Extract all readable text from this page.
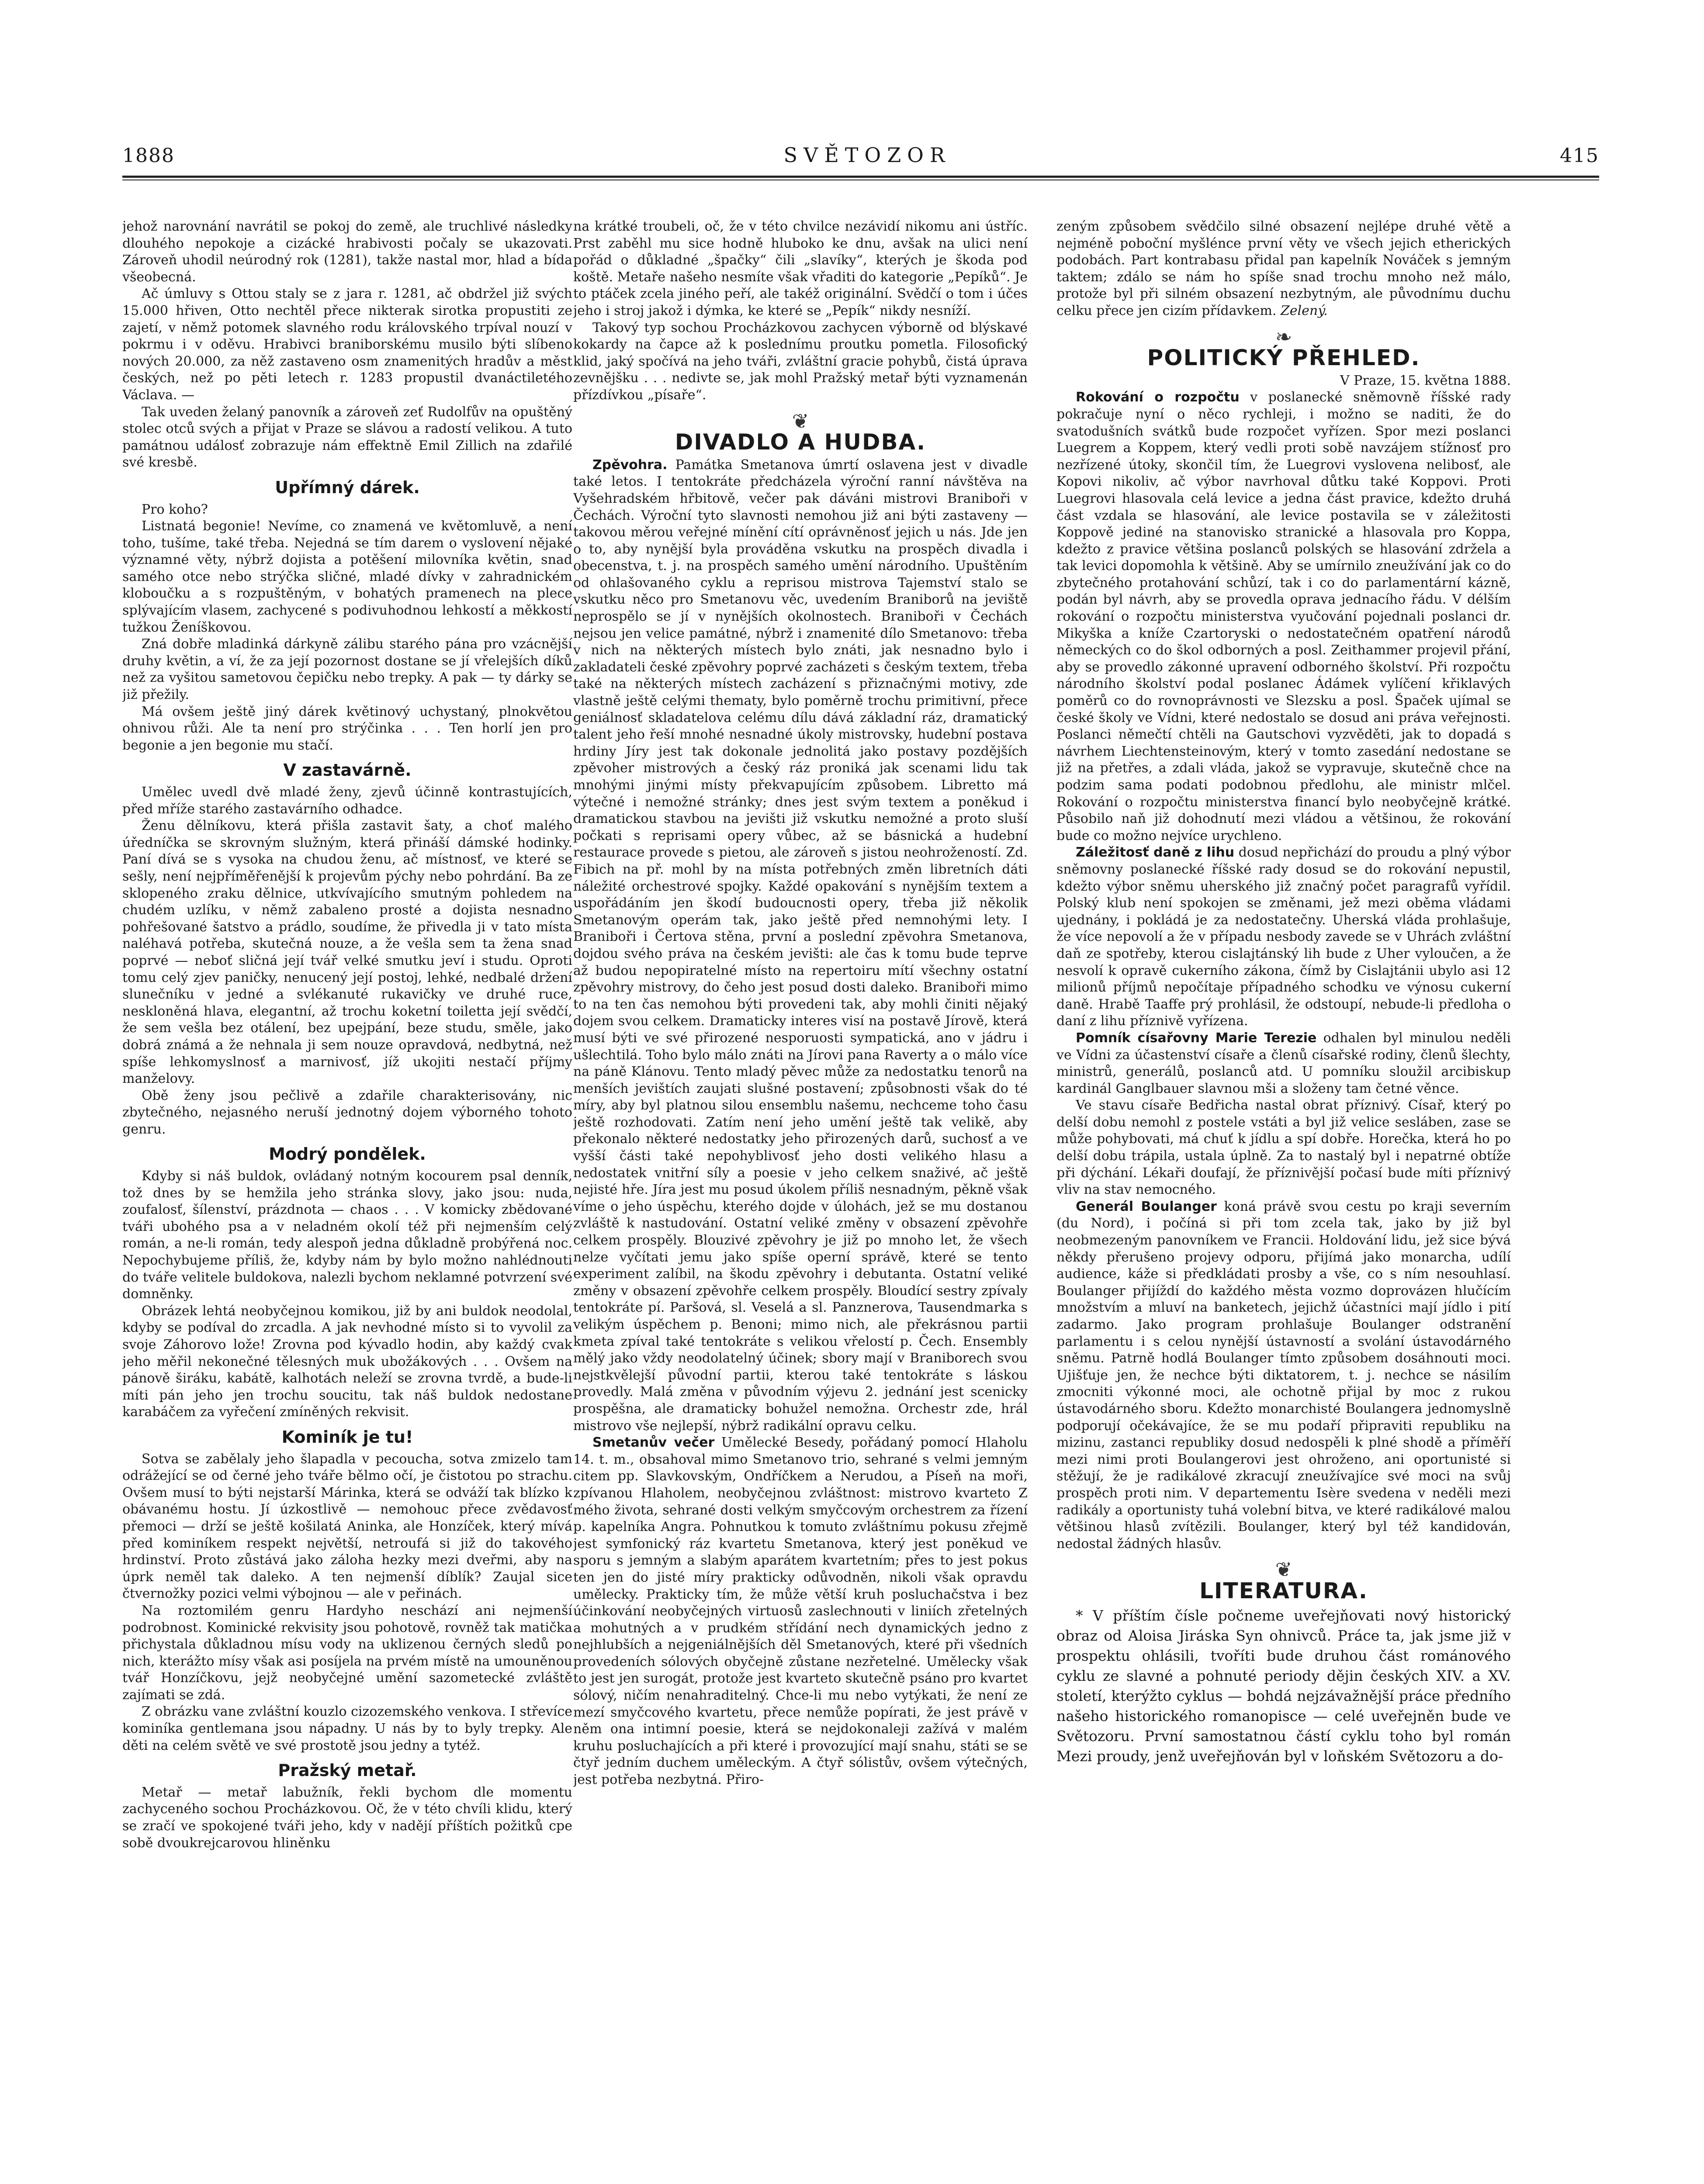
1888	SVĚTOZOR	415

jehož narovnání navrátil se pokoj do země, ale truchlivé následky dlouhého nepokoje a cizácké hrabivosti počaly se ukazovati. Zároveň uhodil neúrodný rok (1281), takže nastal mor, hlad a bída všeobecná.

Ač úmluvy s Ottou staly se z jara r. 1281, ač obdržel již svých 15.000 hřiven, Otto nechtěl přece nikterak sirotka propustiti ze zajetí, v němž potomek slavného rodu královského trpíval nouzí v pokrmu i v oděvu. Hrabivci braniborskému musilo býti slíbeno nových 20.000, za něž zastaveno osm znamenitých hradův a měst českých, než po pěti letech r. 1283 propustil dvanáctiletého Václava. —

Tak uveden želaný panovník a zároveň zeť Rudolfův na opuštěný stolec otců svých a přijat v Praze se slávou a radostí velikou. A tuto památnou událosť zobrazuje nám effektně Emil Zillich na zdařilé své kresbě.

Upřímný dárek.

Pro koho?

Listnatá begonie! Nevíme, co znamená ve květomluvě, a není toho, tušíme, také třeba. Nejedná se tím darem o vyslovení nějaké významné věty, nýbrž dojista a potěšení milovníka květin, snad samého otce nebo strýčka sličné, mladé dívky v zahradnickém kloboučku a s rozpuštěným, v bohatých pramenech na plece splývajícím vlasem, zachycené s podivuhodnou lehkostí a měkkostí tužkou Ženíškovou.

Zná dobře mladinká dárkyně zálibu starého pána pro vzácnější druhy květin, a ví, že za její pozornost dostane se jí vřelejších díků než za vyšitou sametovou čepičku nebo trepky. A pak — ty dárky se již přežily.

Má ovšem ještě jiný dárek květinový uchystaný, plnokvětou ohnivou růži. Ale ta není pro strýčinka . . . Ten horlí jen pro begonie a jen begonie mu stačí.

V zastavárně.

Umělec uvedl dvě mladé ženy, zjevů účinně kontrastujících, před mříže starého zastavárního odhadce.

Ženu dělníkovu, která přišla zastavit šaty, a choť malého úředníčka se skrovným služným, která přináší dámské hodinky. Paní dívá se s vysoka na chudou ženu, ač místnosť, ve které se sešly, není nejpříměřenější k projevům pýchy nebo pohrdání. Ba ze sklopeného zraku dělnice, utkvívajícího smutným pohledem na chudém uzlíku, v němž zabaleno prosté a dojista nesnadno pohřešované šatstvo a prádlo, soudíme, že přivedla ji v tato místa naléhavá potřeba, skutečná nouze, a že vešla sem ta žena snad poprvé — neboť sličná její tvář velké smutku jeví i studu. Oproti tomu celý zjev paničky, nenucený její postoj, lehké, nedbalé držení slunečníku v jedné a svlékanuté rukavičky ve druhé ruce, neskloněná hlava, elegantní, až trochu koketní toiletta její svědčí, že sem vešla bez otálení, bez upejpání, beze studu, směle, jako dobrá známá a že nehnala ji sem nouze opravdová, nedbytná, než spíše lehkomyslnosť a marnivosť, jíž ukojiti nestačí příjmy manželovy.

Obě ženy jsou pečlivě a zdařile charakterisovány, nic zbytečného, nejasného neruší jednotný dojem výborného tohoto genru.

Modrý pondělek.

Kdyby si náš buldok, ovládaný notným kocourem psal denník, tož dnes by se hemžila jeho stránka slovy, jako jsou: nuda, zoufalosť, šílenství, prázdnota — chaos . . . V komicky zbědované tváři ubohého psa a v neladném okolí též při nejmenším celý román, a ne-li román, tedy alespoň jedna důkladně probýřená noc. Nepochybujeme příliš, že, kdyby nám by bylo možno nahlédnouti do tváře velitele buldokova, nalezli bychom neklamné potvrzení své domněnky.

Obrázek lehtá neobyčejnou komikou, již by ani buldok neodolal, kdyby se podíval do zrcadla. A jak nevhodné místo si to vyvolil za svoje Záhorovo lože! Zrovna pod kývadlo hodin, aby každý cvak jeho měřil nekonečné tělesných muk ubožákových . . . Ovšem na pánově širáku, kabátě, kalhotách neleží se zrovna tvrdě, a bude-li míti pán jeho jen trochu soucitu, tak náš buldok nedostane karabáčem za vyřečení zmíněných rekvisit.

Kominík je tu!

Sotva se zabělaly jeho šlapadla v pecoucha, sotva zmizelo tam odrážející se od černé jeho tváře bělmo očí, je čistotou po strachu. Ovšem musí to býti nejstarší Márinka, která se odváží tak blízko k obávanému hostu. Jí úzkostlivě — nemohouc přece zvědavosť přemoci — drží se ještě košilatá Aninka, ale Honzíček, který mívá před kominíkem respekt největší, netroufá si již do takového hrdinství. Proto zůstává jako záloha hezky mezi dveřmi, aby na úprk neměl tak daleko. A ten nejmenší díblík? Zaujal sice čtvernožky pozici velmi výbojnou — ale v peřinách.

Na roztomilém genru Hardyho neschází ani nejmenší podrobnost. Kominické rekvisity jsou pohotově, rovněž tak matička přichystala důkladnou mísu vody na uklizenou černých sledů po nich, kterážto mísy však asi posíjela na prvém místě na umouněnou tvář Honzíčkovu, jejž neobyčejné umění sazometecké zvláště zajímati se zdá.

Z obrázku vane zvláštní kouzlo cizozemského venkova. I střevíce kominíka gentlemana jsou nápadny. U nás by to byly trepky. Ale děti na celém světě ve své prostotě jsou jedny a tytéž.

Pražský metař.

Metař — metař labužník, řekli bychom dle momentu zachyceného sochou Procházkovou. Oč, že v této chvíli klidu, který se zračí ve spokojené tváři jeho, kdy v nadějí příštích požitků cpe sobě dvoukrejcarovou hliněnku

na krátké troubeli, oč, že v této chvilce nezávidí nikomu ani ústříc. Prst zaběhl mu sice hodně hluboko ke dnu, avšak na ulici není pořád o důkladné „špačky“ čili „slavíky“, kterých je škoda pod koště. Metaře našeho nesmíte však vřaditi do kategorie „Pepíků“. Je to ptáček zcela jiného peří, ale takéž originální. Svědčí o tom i účes jeho i stroj jakož i dýmka, ke které se „Pepík“ nikdy nesníží.

Takový typ sochou Procházkovou zachycen výborně od blýskavé kokardy na čapce až k poslednímu proutku pometla. Filosofický klid, jaký spočívá na jeho tváři, zvláštní gracie pohybů, čistá úprava zevnějšku . . . nedivte se, jak mohl Pražský metař býti vyznamenán přízdívkou „písaře“.

❦
DIVADLO A HUDBA.

Zpěvohra. Památka Smetanova úmrtí oslavena jest v divadle také letos. I tentokráte předcházela výroční ranní návštěva na Vyšehradském hřbitově, večer pak dáváni mistrovi Braniboři v Čechách. Výroční tyto slavnosti nemohou již ani býti zastaveny — takovou měrou veřejné mínění cítí oprávněnosť jejich u nás. Jde jen o to, aby nynější byla prováděna vskutku na prospěch divadla i obecenstva, t. j. na prospěch samého umění národního. Upuštěním od ohlašovaného cyklu a reprisou mistrova Tajemství stalo se vskutku něco pro Smetanovu věc, uvedením Braniborů na jeviště neprospělo se jí v nynějších okolnostech. Braniboři v Čechách nejsou jen velice památné, nýbrž i znamenité dílo Smetanovo: třeba v nich na některých místech bylo znáti, jak nesnadno bylo i zakladateli české zpěvohry poprvé zacházeti s českým textem, třeba také na některých místech zacházení s přiznačnými motivy, zde vlastně ještě celými thematy, bylo poměrně trochu primitivní, přece geniálnosť skladatelova celému dílu dává základní ráz, dramatický talent jeho řeší mnohé nesnadné úkoly mistrovsky, hudební postava hrdiny Jíry jest tak dokonale jednolitá jako postavy pozdějších zpěvoher mistrových a český ráz proniká jak scenami lidu tak mnohými jinými místy překvapujícím způsobem. Libretto má výtečné i nemožné stránky; dnes jest svým textem a poněkud i dramatickou stavbou na jevišti již vskutku nemožné a proto sluší počkati s reprisami opery vůbec, až se básnická a hudební restaurace provede s pietou, ale zároveň s jistou neohrožeností. Zd. Fibich na př. mohl by na místa potřebných změn libretních dáti náležité orchestrové spojky. Každé opakování s nynějším textem a uspořádáním jen škodí budoucnosti opery, třeba již několik Smetanovým operám tak, jako ještě před nemnohými lety. I Braniboři i Čertova stěna, první a poslední zpěvohra Smetanova, dojdou svého práva na českém jevišti: ale čas k tomu bude teprve až budou nepopiratelné místo na repertoiru mítí všechny ostatní zpěvohry mistrovy, do čeho jest posud dosti daleko. Braniboři mimo to na ten čas nemohou býti provedeni tak, aby mohli činiti nějaký dojem svou celkem. Dramaticky interes visí na postavě Jírově, která musí býti ve své přirozené nesporuosti sympatická, ano v jádru i ušlechtilá. Toho bylo málo znáti na Jírovi pana Raverty a o málo více na páně Klánovu. Tento mladý pěvec může za nedostatku tenorů na menších jevištích zaujati slušné postavení; způsobnosti však do té míry, aby byl platnou silou ensemblu našemu, nechceme toho času ještě rozhodovati. Zatím není jeho umění ještě tak velikě, aby překonalo některé nedostatky jeho přirozených darů, suchosť a ve vyšší části také nepohyblivosť jeho dosti velikého hlasu a nedostatek vnitřní síly a poesie v jeho celkem snaživé, ač ještě nejisté hře. Jíra jest mu posud úkolem příliš nesnadným, pěkně však víme o jeho úspěchu, kterého dojde v úlohách, jež se mu dostanou zvláště k nastudování. Ostatní veliké změny v obsazení zpěvohře celkem prospěly. Blouzivé zpěvohry je již po mnoho let, že všech nelze vyčítati jemu jako spíše operní správě, které se tento experiment zalíbil, na škodu zpěvohry i debutanta. Ostatní veliké změny v obsazení zpěvohře celkem prospěly. Bloudící sestry zpívaly tentokráte pí. Paršová, sl. Veselá a sl. Panznerova, Tausendmarka s velikým úspěchem p. Benoni; mimo nich, ale překrásnou partii kmeta zpíval také tentokráte s velikou vřelostí p. Čech. Ensembly mělý jako vždy neodolatelný účinek; sbory mají v Braniborech svou nejstkvělejší původní partii, kterou také tentokráte s láskou provedly. Malá změna v původním výjevu 2. jednání jest scenicky prospěšna, ale dramaticky bohužel nemožna. Orchestr zde, hrál mistrovo vše nejlepší, nýbrž radikální opravu celku.

Smetanův večer Umělecké Besedy, pořádaný pomocí Hlaholu 14. t. m., obsahoval mimo Smetanovo trio, sehrané s velmi jemným citem pp. Slavkovským, Ondříčkem a Nerudou, a Píseň na moři, zpívanou Hlaholem, neobyčejnou zvláštnost: mistrovo kvarteto Z mého života, sehrané dosti velkým smyčcovým orchestrem za řízení p. kapelníka Angra. Pohnutkou k tomuto zvláštnímu pokusu zřejmě jest symfonický ráz kvartetu Smetanova, který jest poněkud ve sporu s jemným a slabým aparátem kvartetním; přes to jest pokus ten jen do jisté míry prakticky odůvodněn, nikoli však opravdu umělecky. Prakticky tím, že může větší kruh posluchačstva i bez účinkování neobyčejných virtuosů zaslechnouti v liniích zřetelných a mohutných a v prudkém střídání nech dynamických jedno z nejhlubších a nejgeniálnějších děl Smetanových, které při všedních provedeních sólových obyčejně zůstane nezřetelné. Umělecky však to jest jen surogát, protože jest kvarteto skutečně psáno pro kvartet sólový, ničím nenahraditelný. Chce-li mu nebo vytýkati, že není ze mezí smyčcového kvartetu, přece nemůže popírati, že jest právě v něm ona intimní poesie, která se nejdokonaleji zažívá v malém kruhu posluchajících a při které i provozující mají snahu, státi se se čtyř jedním duchem uměleckým. A čtyř sólistův, ovšem výtečných, jest potřeba nezbytná. Přiro-

zeným způsobem svědčilo silné obsazení nejlépe druhé větě a nejméně poboční myšlénce první věty ve všech jejich etherických podobách. Part kontrabasu přidal pan kapelník Nováček s jemným taktem; zdálo se nám ho spíše snad trochu mnoho než málo, protože byl při silném obsazení nezbytným, ale původnímu duchu celku přece jen cizím přídavkem. Zelený.

❧
POLITICKÝ PŘEHLED.

V Praze, 15. května 1888.

Rokování o rozpočtu v poslanecké sněmovně říšské rady pokračuje nyní o něco rychleji, i možno se naditi, že do svatodušních svátků bude rozpočet vyřízen. Spor mezi poslanci Luegrem a Koppem, který vedli proti sobě navzájem stížnosť pro nezřízené útoky, skončil tím, že Luegrovi vyslovena nelibosť, ale Kopovi nikoliv, ač výbor navrhoval důtku také Koppovi. Proti Luegrovi hlasovala celá levice a jedna část pravice, kdežto druhá část vzdala se hlasování, ale levice postavila se v záležitosti Koppově jediné na stanovisko stranické a hlasovala pro Koppa, kdežto z pravice většina poslanců polských se hlasování zdržela a tak levici dopomohla k většině. Aby se umírnilo zneužívání jak co do zbytečného protahování schůzí, tak i co do parlamentární kázně, podán byl návrh, aby se provedla oprava jednacího řádu. V délším rokování o rozpočtu ministerstva vyučování pojednali poslanci dr. Mikyška a kníže Czartoryski o nedostatečném opatření národů německých co do škol odborných a posl. Zeithammer projevil přání, aby se provedlo zákonné upravení odborného školství. Při rozpočtu národního školství podal poslanec Ádámek vylíčení křiklavých poměrů co do rovnoprávnosti ve Slezsku a posl. Špaček ujímal se české školy ve Vídni, které nedostalo se dosud ani práva veřejnosti. Poslanci němečtí chtěli na Gautschovi vyzvěděti, jak to dopadá s návrhem Liechtensteinovým, který v tomto zasedání nedostane se již na přetřes, a zdali vláda, jakož se vypravuje, skutečně chce na podzim sama podati podobnou předlohu, ale ministr mlčel. Rokování o rozpočtu ministerstva financí bylo neobyčejně krátké. Působilo naň již dohodnutí mezi vládou a většinou, že rokování bude co možno nejvíce urychleno.

Záležitosť daně z lihu dosud nepřichází do proudu a plný výbor sněmovny poslanecké říšské rady dosud se do rokování nepustil, kdežto výbor sněmu uherského již značný počet paragrafů vyřídil. Polský klub není spokojen se změnami, jež mezi oběma vládami ujednány, i pokládá je za nedostatečny. Uherská vláda prohlašuje, že více nepovolí a že v případu nesbody zavede se v Uhrách zvláštní daň ze spotřeby, kterou cislajtánský lih bude z Uher vyloučen, a že nesvolí k opravě cukerního zákona, čímž by Cislajtánii ubylo asi 12 milionů příjmů nepočítaje případného schodku ve výnosu cukerní daně. Hrabě Taaffe prý prohlásil, že odstoupí, nebude-li předloha o daní z lihu příznivě vyřízena.

Pomník císařovny Marie Terezie odhalen byl minulou neděli ve Vídni za účastenství císaře a členů císařské rodiny, členů šlechty, ministrů, generálů, poslanců atd. U pomníku sloužil arcibiskup kardinál Ganglbauer slavnou mši a složeny tam četné věnce.

Ve stavu císaře Bedřicha nastal obrat příznivý. Císař, který po delší dobu nemohl z postele vstáti a byl již velice sesláben, zase se může pohybovati, má chuť k jídlu a spí dobře. Horečka, která ho po delší dobu trápila, ustala úplně. Za to nastalý byl i nepatrné obtíže při dýchání. Lékaři doufají, že příznivější počasí bude míti příznivý vliv na stav nemocného.

Generál Boulanger koná právě svou cestu po kraji severním (du Nord), i počíná si při tom zcela tak, jako by již byl neobmezeným panovníkem ve Francii. Holdování lidu, jež sice bývá někdy přerušeno projevy odporu, přijímá jako monarcha, udílí audience, káže si předkládati prosby a vše, co s ním nesouhlasí. Boulanger přijíždí do každého města vozmo doprovázen hlučícím množstvím a mluví na banketech, jejichž účastníci mají jídlo i pití zadarmo. Jako program prohlašuje Boulanger odstranění parlamentu i s celou nynější ústavností a svolání ústavodárného sněmu. Patrně hodlá Boulanger tímto způsobem dosáhnouti moci. Ujišťuje jen, že nechce býti diktatorem, t. j. nechce se násilím zmocniti výkonné moci, ale ochotně přijal by moc z rukou ústavodárného sboru. Kdežto monarchisté Boulangera jednomyslně podporují očekávajíce, že se mu podaří připraviti republiku na mizinu, zastanci republiky dosud nedospěli k plné shodě a příměří mezi nimi proti Boulangerovi jest ohroženo, ani oportunisté si stěžují, že je radikálové zkracují zneužívajíce své moci na svůj prospěch proti nim. V departementu Isère svedena v neděli mezi radikály a oportunisty tuhá volební bitva, ve které radikálové malou většinou hlasů zvítězili. Boulanger, který byl též kandidován, nedostal žádných hlasův.

❦
LITERATURA.

* V příštím čísle počneme uveřejňovati nový historický obraz od Aloisa Jiráska Syn ohnivců. Práce ta, jak jsme již v prospektu ohlásili, tvoříti bude druhou část románového cyklu ze slavné a pohnuté periody dějin českých XIV. a XV. století, kterýžto cyklus — bohdá nejzávažnější práce předního našeho historického romanopisce — celé uveřejněn bude ve Světozoru. První samostatnou částí cyklu toho byl román Mezi proudy, jenž uveřejňován byl v loňském Světozoru a do-
